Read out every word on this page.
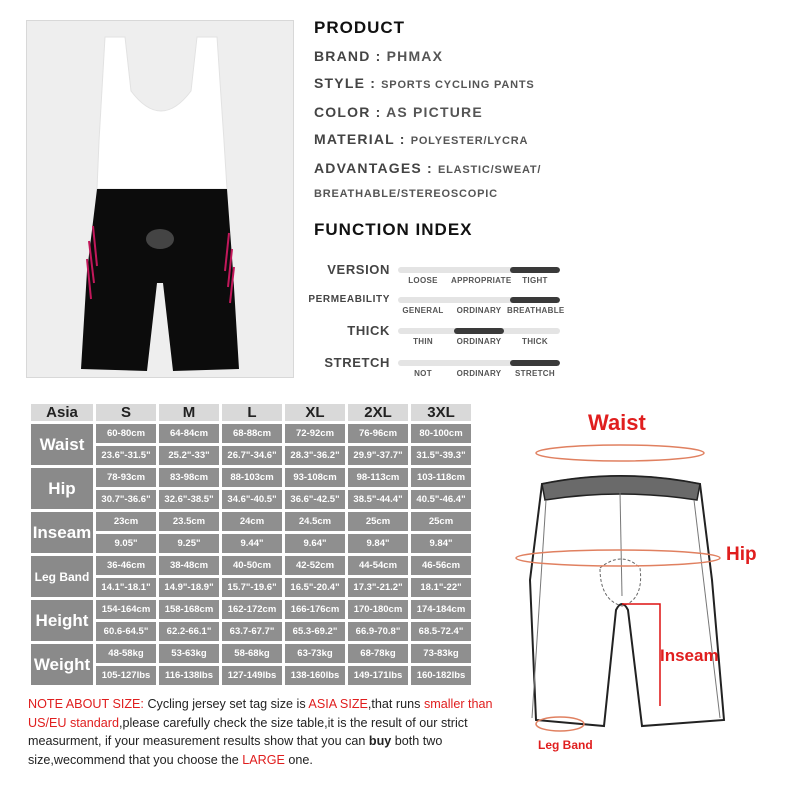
PRODUCT
BRAND : PHMAX
STYLE : SPORTS CYCLING PANTS
COLOR : AS PICTURE
MATERIAL : POLYESTER/LYCRA
ADVANTAGES : ELASTIC/SWEAT/
BREATHABLE/STEREOSCOPIC
FUNCTION INDEX
VERSION
LOOSE	APPROPRIATE	TIGHT
PERMEABILITY
GENERAL	ORDINARY BREATHABLE
THICK
THIN	ORDINARY	THICK
STRETCH
NOT	ORDINARY	STRETCH
Asia	S	M	L	XL	2XL	3XL
Waist	60-80cm	64-84cm	68-88cm	72-92cm	76-96cm	80-100cm
	23.6"-31.5"	25.2"-33"	26.7"-34.6"	28.3"-36.2"	29.9"-37.7"	31.5"-39.3"
Hip	78-93cm	83-98cm	88-103cm	93-108cm	98-113cm	103-118cm
	30.7"-36.6"	32.6"-38.5"	34.6"-40.5"	36.6"-42.5"	38.5"-44.4"	40.5"-46.4"
Inseam	23cm	23.5cm	24cm	24.5cm	25cm	25cm
	9.05"	9.25"	9.44"	9.64"	9.84"	9.84"
Leg Band	36-46cm	38-48cm	40-50cm	42-52cm	44-54cm	46-56cm
	14.1"-18.1"	14.9"-18.9"	15.7"-19.6"	16.5"-20.4"	17.3"-21.2"	18.1"-22"
Height	154-164cm	158-168cm	162-172cm	166-176cm	170-180cm	174-184cm
	60.6-64.5"	62.2-66.1"	63.7-67.7"	65.3-69.2"	66.9-70.8"	68.5-72.4"
Weight	48-58kg	53-63kg	58-68kg	63-73kg	68-78kg	73-83kg
	105-127lbs	116-138lbs	127-149lbs	138-160lbs	149-171lbs	160-182lbs
NOTE ABOUT SIZE: Cycling jersey set tag size is ASIA SIZE,that runs smaller than US/EU standard,please carefully check the size table,it is the result of our strict measurment, if your measurement results show that you can buy both two size,wecommend that you choose the LARGE one.
Waist
Hip
Inseam
Leg Band
